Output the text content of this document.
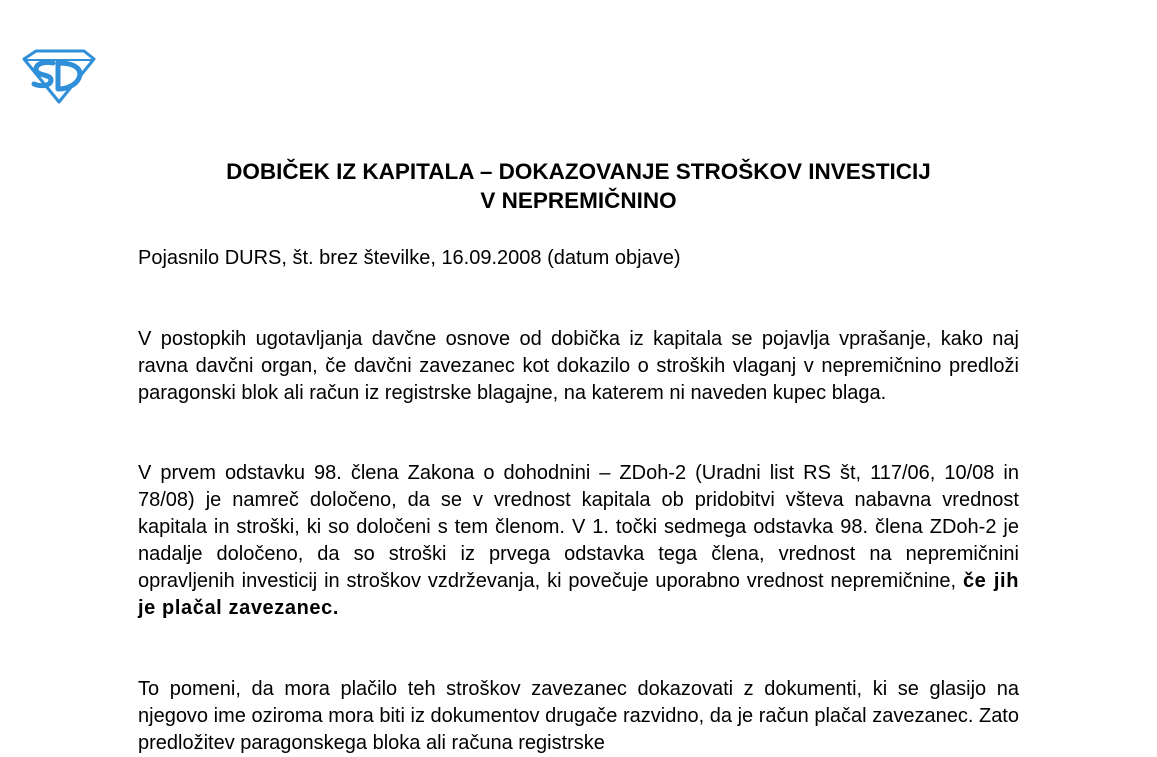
DOBIČEK IZ KAPITALA – DOKAZOVANJE STROŠKOV INVESTICIJ
V NEPREMIČNINO

Pojasnilo DURS, št. brez številke, 16.09.2008 (datum objave)

V postopkih ugotavljanja davčne osnove od dobička iz kapitala se pojavlja vprašanje, kako naj ravna davčni organ, če davčni zavezanec kot dokazilo o stroških vlaganj v nepremičnino predloži paragonski blok ali račun iz registrske blagajne, na katerem ni naveden kupec blaga.

V prvem odstavku 98. člena Zakona o dohodnini – ZDoh-2 (Uradni list RS št, 117/06, 10/08 in 78/08) je namreč določeno, da se v vrednost kapitala ob pridobitvi všteva nabavna vrednost kapitala in stroški, ki so določeni s tem členom. V 1. točki sedmega odstavka 98. člena ZDoh-2 je nadalje določeno, da so stroški iz prvega odstavka tega člena, vrednost na nepremičnini opravljenih investicij in stroškov vzdrževanja, ki povečuje uporabno vrednost nepremičnine, če jih je plačal zavezanec.

To pomeni, da mora plačilo teh stroškov zavezanec dokazovati z dokumenti, ki se glasijo na njegovo ime oziroma mora biti iz dokumentov drugače razvidno, da je račun plačal zavezanec. Zato predložitev paragonskega bloka ali računa registrske
